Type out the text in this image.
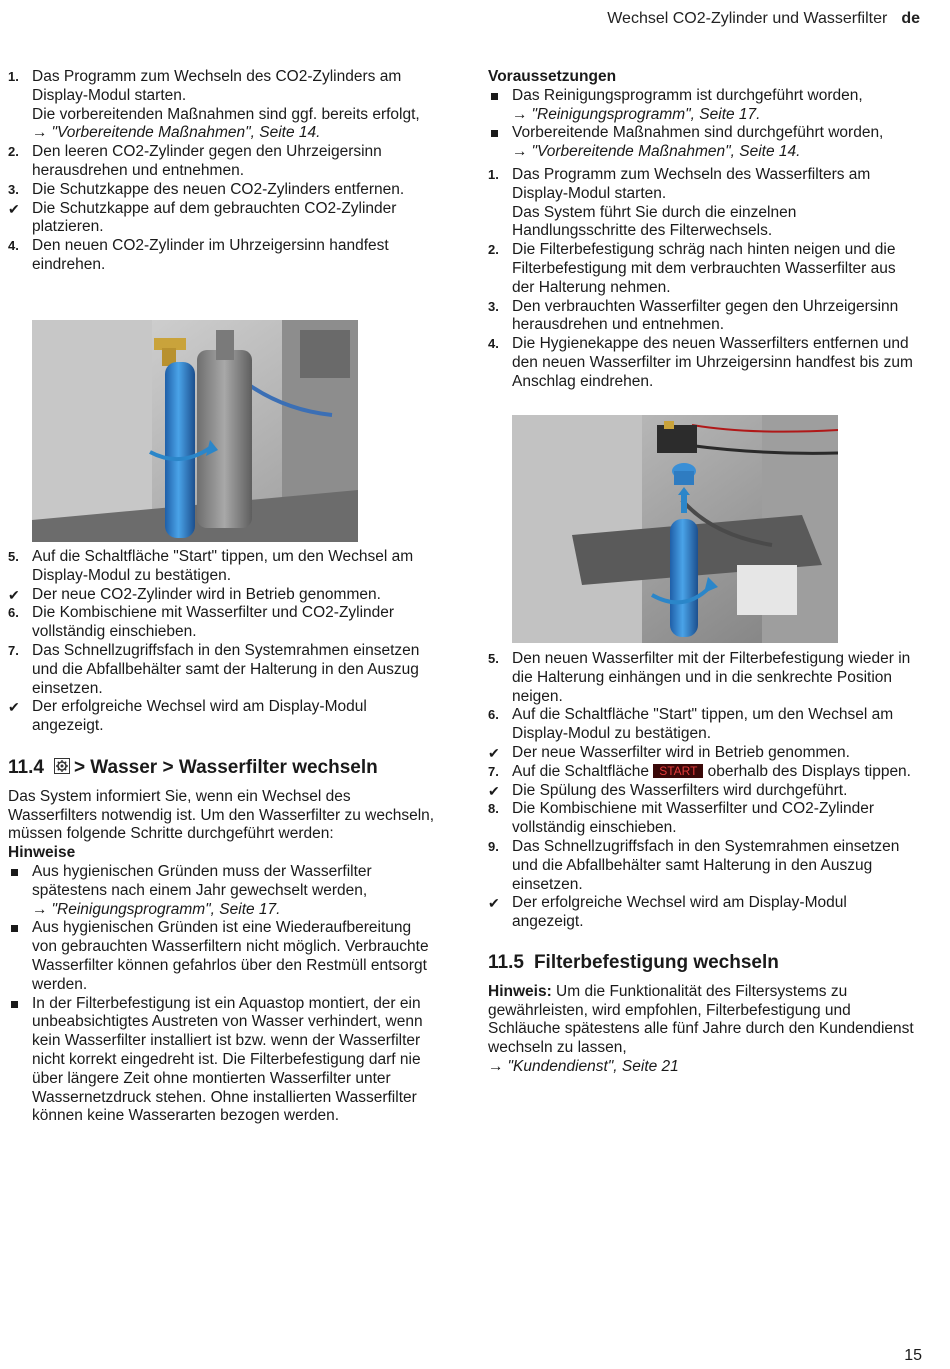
Wechsel CO2-Zylinder und Wasserfilter de
1. Das Programm zum Wechseln des CO2-Zylinders am Display-Modul starten.
Die vorbereitenden Maßnahmen sind ggf. bereits erfolgt,
→ "Vorbereitende Maßnahmen", Seite 14.
2. Den leeren CO2-Zylinder gegen den Uhrzeigersinn herausdrehen und entnehmen.
3. Die Schutzkappe des neuen CO2-Zylinders entfernen.
✔ Die Schutzkappe auf dem gebrauchten CO2-Zylinder platzieren.
4. Den neuen CO2-Zylinder im Uhrzeigersinn handfest eindrehen.
5. Auf die Schaltfläche "Start" tippen, um den Wechsel am Display-Modul zu bestätigen.
✔ Der neue CO2-Zylinder wird in Betrieb genommen.
6. Die Kombischiene mit Wasserfilter und CO2-Zylinder vollständig einschieben.
7. Das Schnellzugriffsfach in den Systemrahmen einsetzen und die Abfallbehälter samt der Halterung in den Auszug einsetzen.
✔ Der erfolgreiche Wechsel wird am Display-Modul angezeigt.
11.4 > Wasser > Wasserfilter wechseln

Das System informiert Sie, wenn ein Wechsel des Wasserfilters notwendig ist. Um den Wasserfilter zu wechseln, müssen folgende Schritte durchgeführt werden:

Hinweise
Aus hygienischen Gründen muss der Wasserfilter spätestens nach einem Jahr gewechselt werden,
→ "Reinigungsprogramm", Seite 17.
Aus hygienischen Gründen ist eine Wiederaufbereitung von gebrauchten Wasserfiltern nicht möglich. Verbrauchte Wasserfilter können gefahrlos über den Restmüll entsorgt werden.
In der Filterbefestigung ist ein Aquastop montiert, der ein unbeabsichtigtes Austreten von Wasser verhindert, wenn kein Wasserfilter installiert ist bzw. wenn der Wasserfilter nicht korrekt eingedreht ist. Die Filterbefestigung darf nie über längere Zeit ohne montierten Wasserfilter unter Wassernetzdruck stehen. Ohne installierten Wasserfilter können keine Wasserarten bezogen werden.
Voraussetzungen
Das Reinigungsprogramm ist durchgeführt worden,
→ "Reinigungsprogramm", Seite 17.
Vorbereitende Maßnahmen sind durchgeführt worden,
→ "Vorbereitende Maßnahmen", Seite 14.
1. Das Programm zum Wechseln des Wasserfilters am Display-Modul starten.
Das System führt Sie durch die einzelnen Handlungsschritte des Filterwechsels.
2. Die Filterbefestigung schräg nach hinten neigen und die Filterbefestigung mit dem verbrauchten Wasserfilter aus der Halterung nehmen.
3. Den verbrauchten Wasserfilter gegen den Uhrzeigersinn herausdrehen und entnehmen.
4. Die Hygienekappe des neuen Wasserfilters entfernen und den neuen Wasserfilter im Uhrzeigersinn handfest bis zum Anschlag eindrehen.
5. Den neuen Wasserfilter mit der Filterbefestigung wieder in die Halterung einhängen und in die senkrechte Position neigen.
6. Auf die Schaltfläche "Start" tippen, um den Wechsel am Display-Modul zu bestätigen.
✔ Der neue Wasserfilter wird in Betrieb genommen.
7. Auf die Schaltfläche START oberhalb des Displays tippen.
✔ Die Spülung des Wasserfilters wird durchgeführt.
8. Die Kombischiene mit Wasserfilter und CO2-Zylinder vollständig einschieben.
9. Das Schnellzugriffsfach in den Systemrahmen einsetzen und die Abfallbehälter samt Halterung in den Auszug einsetzen.
✔ Der erfolgreiche Wechsel wird am Display-Modul angezeigt.
11.5 Filterbefestigung wechseln

Hinweis: Um die Funktionalität des Filtersystems zu gewährleisten, wird empfohlen, Filterbefestigung und Schläuche spätestens alle fünf Jahre durch den Kundendienst wechseln zu lassen,
→ "Kundendienst", Seite 21

15
